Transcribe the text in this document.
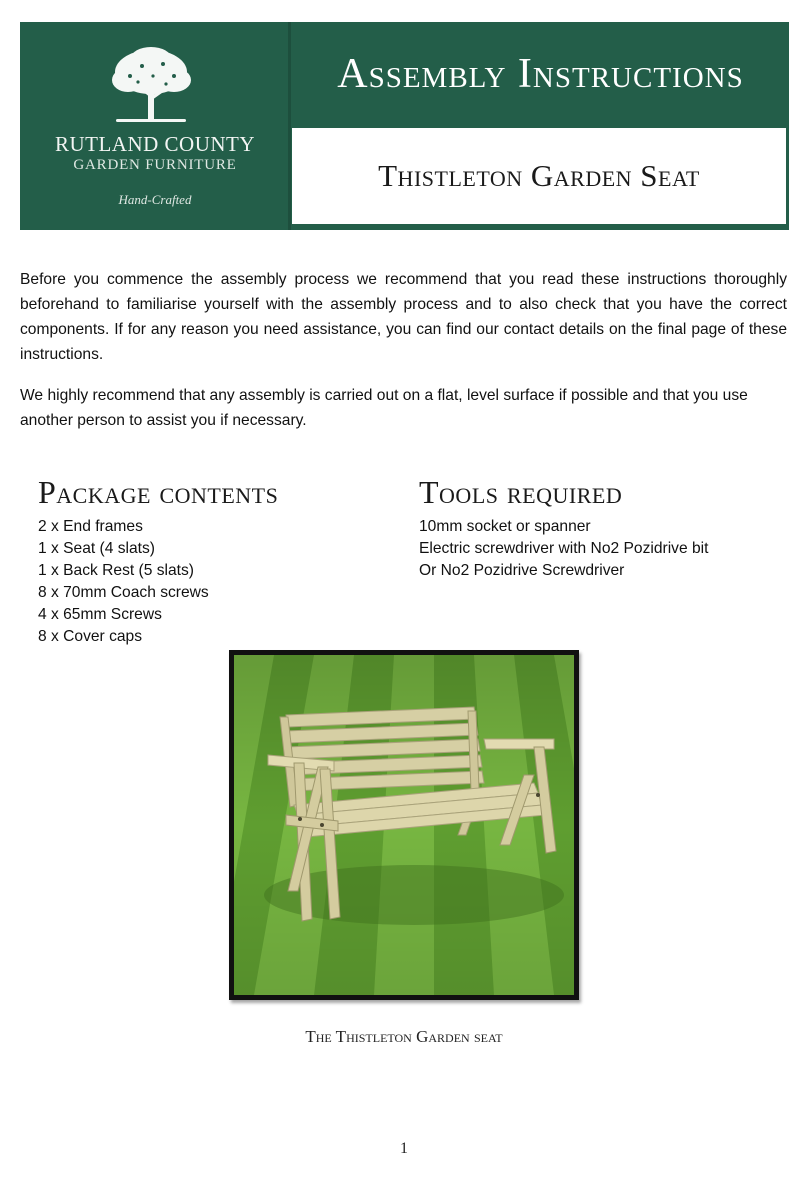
RUTLAND COUNTY
GARDEN FURNITURE
Hand-Crafted
Assembly Instructions
Thistleton Garden Seat

Before you commence the assembly process we recommend that you read these instructions thoroughly beforehand to familiarise yourself with the assembly process and to also check that you have the correct components. If for any reason you need assistance, you can find our contact details on the final page of these instructions.

We highly recommend that any assembly is carried out on a flat, level surface if possible and that you use another person to assist you if necessary.

Package contents
2 x End frames
1 x Seat (4 slats)
1 x Back Rest (5 slats)
8 x 70mm Coach screws
4 x 65mm Screws
8 x Cover caps
Tools required
10mm socket or spanner
Electric screwdriver with No2 Pozidrive bit
Or No2 Pozidrive Screwdriver
The Thistleton Garden seat
1
